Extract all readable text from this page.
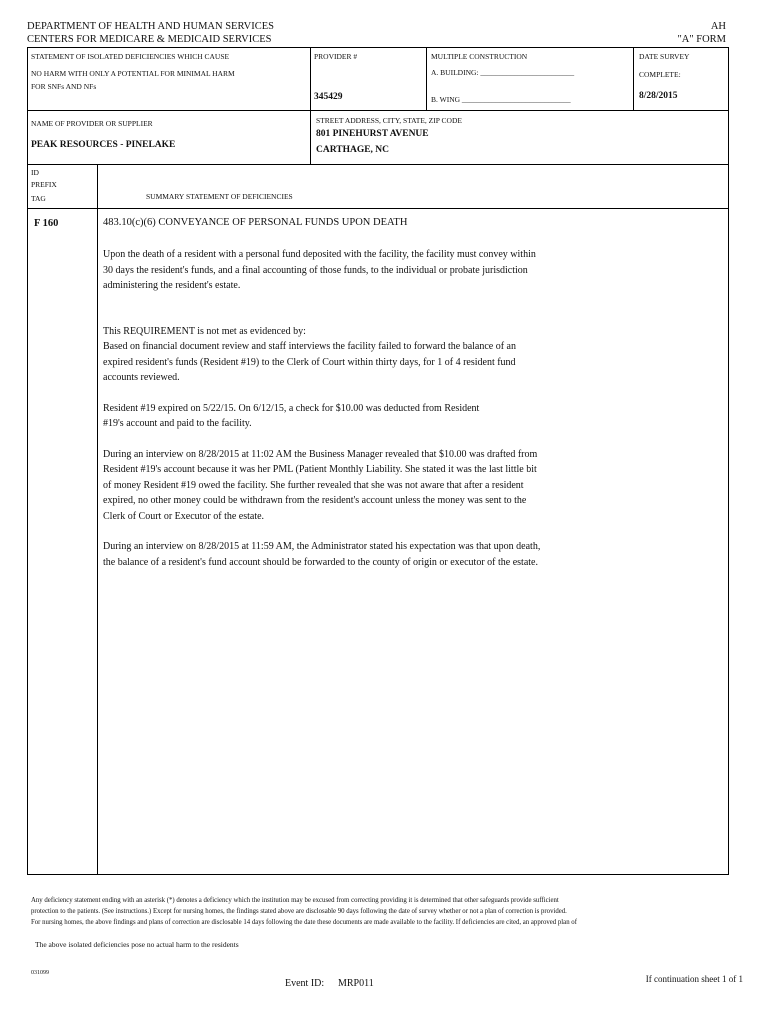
DEPARTMENT OF HEALTH AND HUMAN SERVICES
CENTERS FOR MEDICARE & MEDICAID SERVICES
AH
"A" FORM
STATEMENT OF ISOLATED DEFICIENCIES WHICH CAUSE
NO HARM WITH ONLY A POTENTIAL FOR MINIMAL HARM
FOR SNFs AND NFs
PROVIDER #
345429
MULTIPLE CONSTRUCTION
A. BUILDING: _________________________
B. WING _____________________________
DATE SURVEY
COMPLETE:
8/28/2015
NAME OF PROVIDER OR SUPPLIER
PEAK RESOURCES - PINELAKE
STREET ADDRESS, CITY, STATE, ZIP CODE
801 PINEHURST AVENUE
CARTHAGE, NC
ID
PREFIX
TAG	SUMMARY STATEMENT OF DEFICIENCIES
F 160	483.10(c)(6) CONVEYANCE OF PERSONAL FUNDS UPON DEATH
Upon the death of a resident with a personal fund deposited with the facility, the facility must convey within
30 days the resident's funds, and a final accounting of those funds, to the individual or probate jurisdiction
administering the resident's estate.
This REQUIREMENT is not met as evidenced by:
Based on financial document review and staff interviews the facility failed to forward the balance of an
expired resident's funds (Resident #19) to the Clerk of Court within thirty days, for 1 of 4 resident fund
accounts reviewed.
Resident #19 expired on 5/22/15. On 6/12/15, a check for $10.00 was deducted from Resident
#19's account and paid to the facility.
During an interview on 8/28/2015 at 11:02 AM the Business Manager revealed that $10.00 was drafted from
Resident #19's account because it was her PML (Patient Monthly Liability. She stated it was the last little bit
of money Resident #19 owed the facility. She further revealed that she was not aware that after a resident
expired, no other money could be withdrawn from the resident's account unless the money was sent to the
Clerk of Court or Executor of the estate.
During an interview on 8/28/2015 at 11:59 AM, the Administrator stated his expectation was that upon death,
the balance of a resident's fund account should be forwarded to the county of origin or executor of the estate.
Any deficiency statement ending with an asterisk (*) denotes a deficiency which the institution may be excused from correcting providing it is determined that other safeguards provide sufficient
protection to the patients. (See instructions.) Except for nursing homes, the findings stated above are disclosable 90 days following the date of survey whether or not a plan of correction is provided.
For nursing homes, the above findings and plans of correction are disclosable 14 days following the date these documents are made available to the facility. If deficiencies are cited, an approved plan of
The above isolated deficiencies pose no actual harm to the residents
031099
Event ID: MRP011	If continuation sheet 1 of 1
